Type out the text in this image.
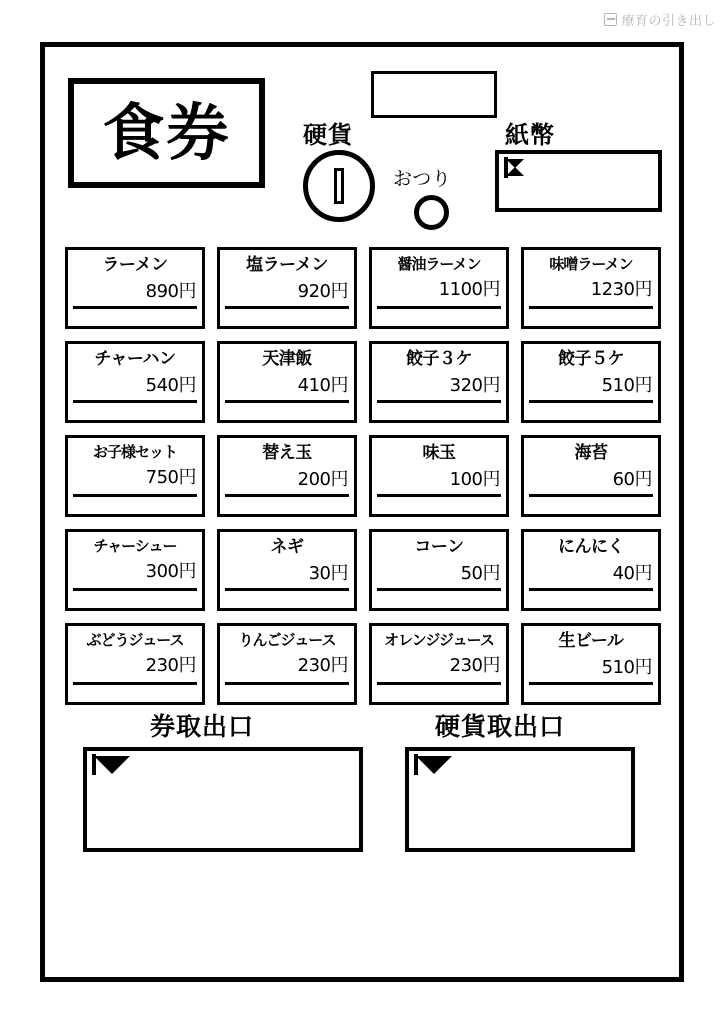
療育の引き出し
食券	硬貨
おつり
紙幣
ラーメン
890円
塩ラーメン
920円
醤油ラーメン
1100円
味噌ラーメン
1230円
チャーハン
540円
天津飯
410円
餃子３ケ
320円
餃子５ケ
510円
お子様セット
750円
替え玉
200円
味玉
100円
海苔
60円
チャーシュー
300円
ネギ
30円
コーン
50円
にんにく
40円
ぶどうジュース
230円
りんごジュース
230円
オレンジジュース
230円
生ビール
510円
券取出口	硬貨取出口
